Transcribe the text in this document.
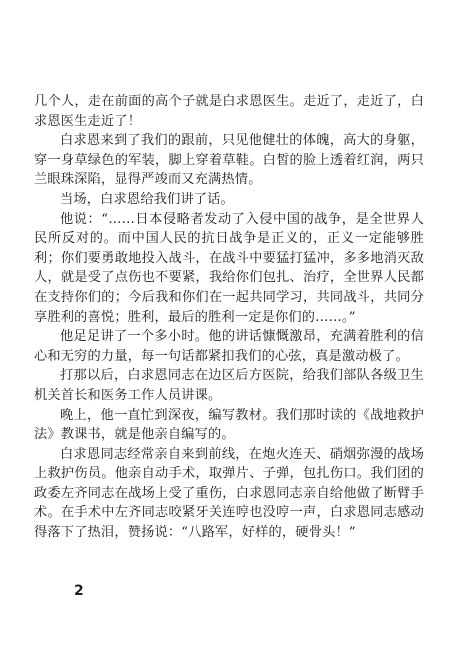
几个人，走在前面的高个子就是白求恩医生。走近了，走近了，白求恩医生走近了！

白求恩来到了我们的跟前，只见他健壮的体魄，高大的身躯，穿一身草绿色的军装，脚上穿着草鞋。白皙的脸上透着红润，两只兰眼珠深陷，显得严竣而又充满热情。

当场，白求恩给我们讲了话。

他说：“……日本侵略者发动了入侵中国的战争，是全世界人民所反对的。而中国人民的抗日战争是正义的，正义一定能够胜利；你们要勇敢地投入战斗，在战斗中要猛打猛冲，多多地消灭敌人，就是受了点伤也不要紧，我给你们包扎、治疗，全世界人民都在支持你们的；今后我和你们在一起共同学习，共同战斗，共同分享胜利的喜悦；胜利，最后的胜利一定是你们的……。”

他足足讲了一个多小时。他的讲话慷慨激昂，充满着胜利的信心和无穷的力量，每一句话都紧扣我们的心弦，真是激动极了。

打那以后，白求恩同志在边区后方医院，给我们部队各级卫生机关首长和医务工作人员讲课。

晚上，他一直忙到深夜，编写教材。我们那时读的《战地救护法》教课书，就是他亲自编写的。

白求恩同志经常亲自来到前线，在炮火连天、硝烟弥漫的战场上救护伤员。他亲自动手术，取弹片、子弹，包扎伤口。我们团的政委左齐同志在战场上受了重伤，白求恩同志亲自给他做了断臂手术。在手术中左齐同志咬紧牙关连哼也没哼一声，白求恩同志感动得落下了热泪，赞扬说：“八路军，好样的，硬骨头！”

2
